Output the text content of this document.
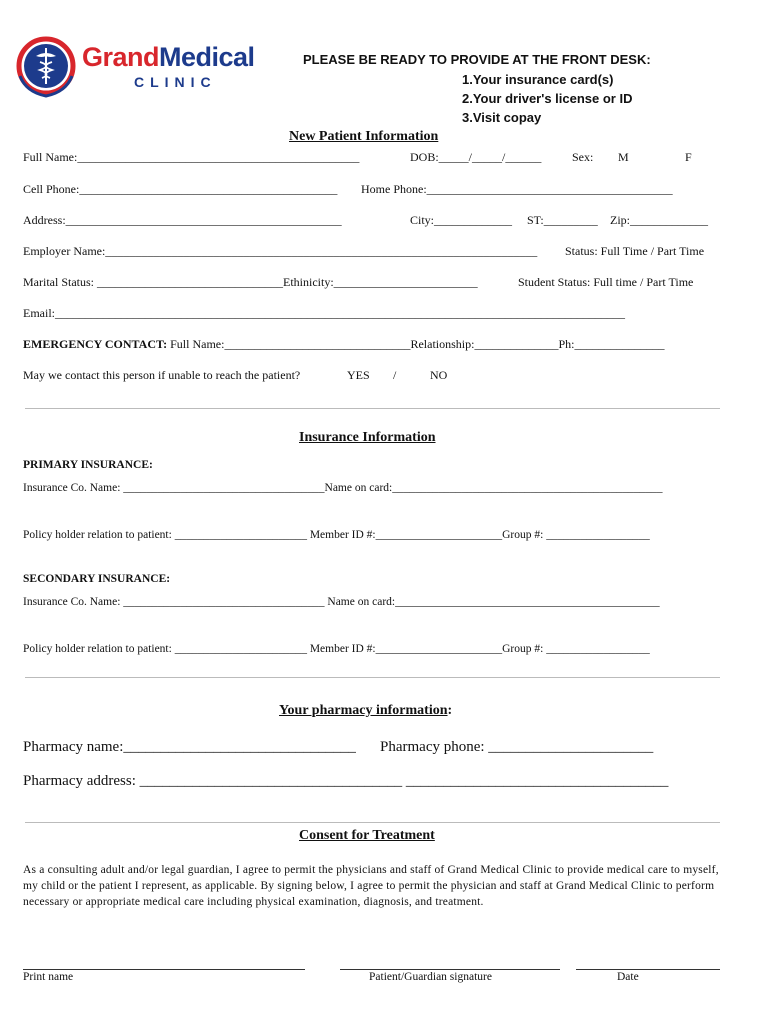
GrandMedical
CLINIC
PLEASE BE READY TO PROVIDE AT THE FRONT DESK:
1.Your insurance card(s)
2.Your driver's license or ID
3.Visit copay
New Patient Information
Full Name:_______________________________________________	DOB:_____/_____/______	Sex: M	F
Cell Phone:___________________________________________ Home Phone:_________________________________________
Address:______________________________________________	City:_____________ ST:_________ Zip:_____________
Employer Name:________________________________________________________________________ Status: Full Time / Part Time
Marital Status: _______________________________Ethinicity:________________________	Student Status: Full time / Part Time
Email:_______________________________________________________________________________________________
EMERGENCY CONTACT: Full Name:_______________________________Relationship:______________Ph:_______________
May we contact this person if unable to reach the patient?	YES /	NO
Insurance Information
PRIMARY INSURANCE:
Insurance Co. Name: ___________________________________Name on card:_______________________________________________
Policy holder relation to patient: _______________________ Member ID #:______________________Group #: __________________
SECONDARY INSURANCE:
Insurance Co. Name: ___________________________________ Name on card:______________________________________________
Policy holder relation to patient: _______________________ Member ID #:______________________Group #: __________________
Your pharmacy information:
Pharmacy name:_______________________________ Pharmacy phone: ______________________
Pharmacy address: ___________________________________ ___________________________________
Consent for Treatment
As a consulting adult and/or legal guardian, I agree to permit the physicians and staff of Grand Medical Clinic to provide medical care to myself, my child or the patient I represent, as applicable. By signing below, I agree to permit the physician and staff at Grand Medical Clinic to perform necessary or appropriate medical care including physical examination, diagnosis, and treatment.
Print name	Patient/Guardian signature	Date
